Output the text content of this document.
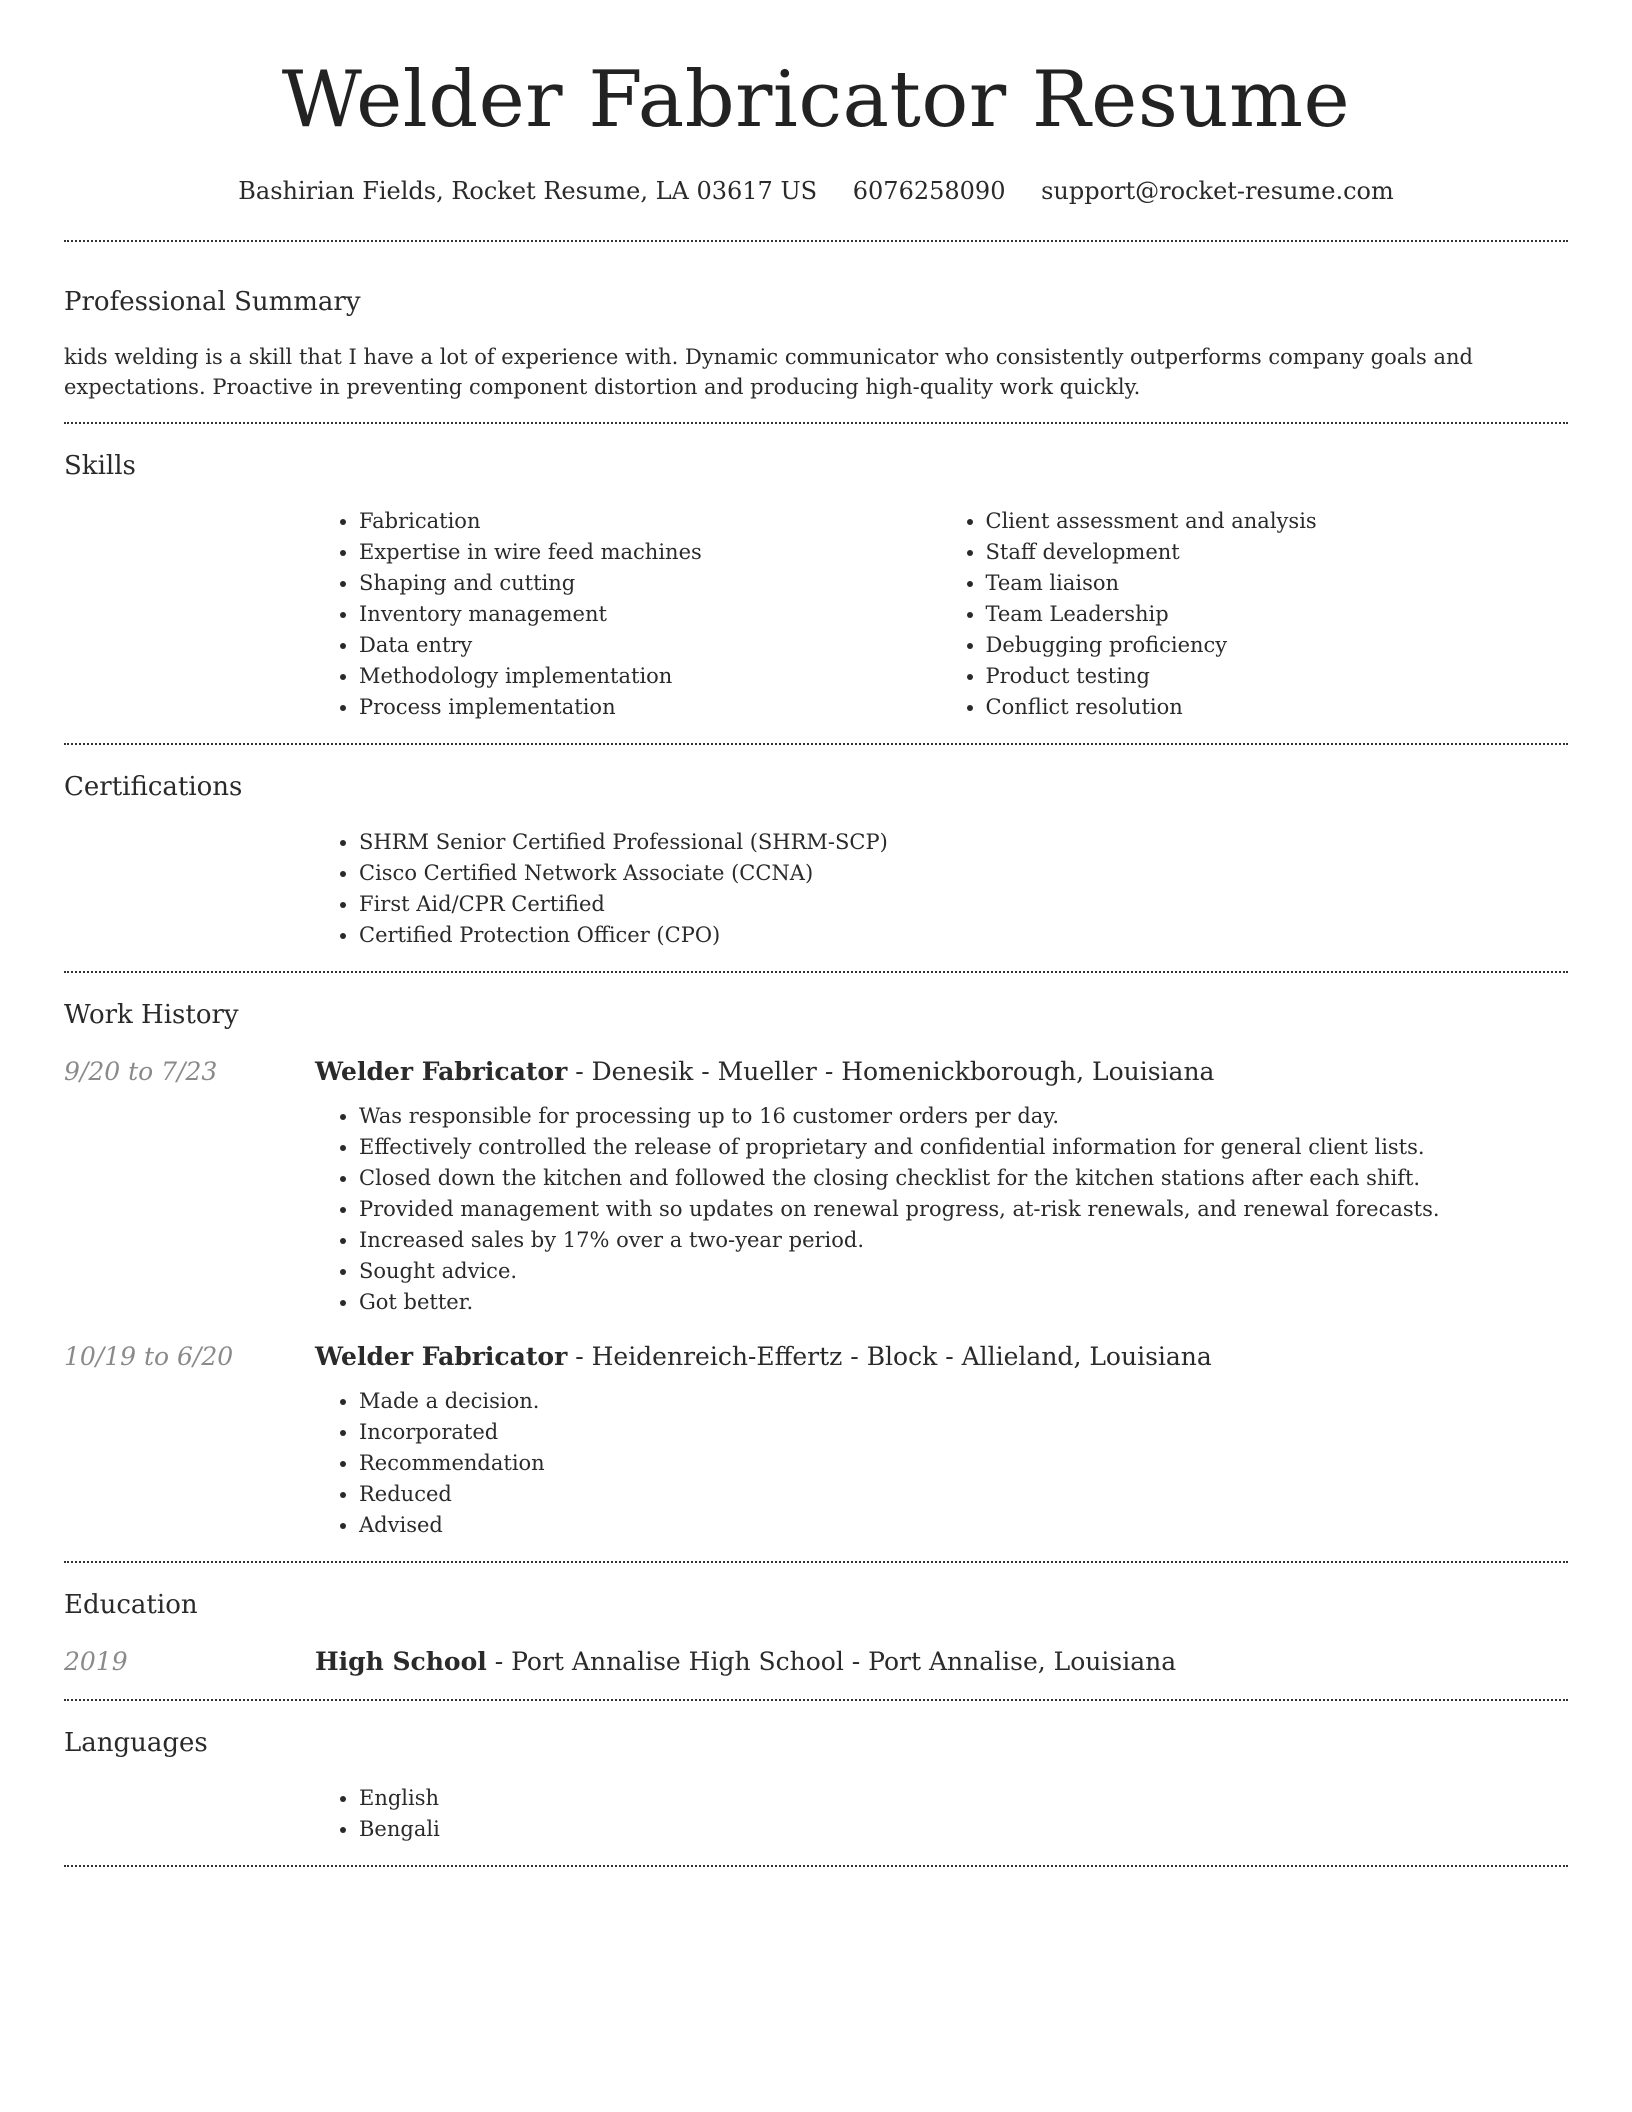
Welder Fabricator Resume
Bashirian Fields, Rocket Resume, LA 03617 US 6076258090 support@rocket-resume.com
Professional Summary

kids welding is a skill that I have a lot of experience with. Dynamic communicator who consistently outperforms company goals and expectations. Proactive in preventing component distortion and producing high-quality work quickly.

Skills
• Fabrication
• Expertise in wire feed machines
• Shaping and cutting
• Inventory management
• Data entry
• Methodology implementation
• Process implementation
• Client assessment and analysis
• Staff development
• Team liaison
• Team Leadership
• Debugging proficiency
• Product testing
• Conflict resolution
Certifications
• SHRM Senior Certified Professional (SHRM-SCP)
• Cisco Certified Network Associate (CCNA)
• First Aid/CPR Certified
• Certified Protection Officer (CPO)
Work History
9/20 to 7/23	Welder Fabricator - Denesik - Mueller - Homenickborough, Louisiana
• Was responsible for processing up to 16 customer orders per day.
• Effectively controlled the release of proprietary and confidential information for general client lists.
• Closed down the kitchen and followed the closing checklist for the kitchen stations after each shift.
• Provided management with so updates on renewal progress, at-risk renewals, and renewal forecasts.
• Increased sales by 17% over a two-year period.
• Sought advice.
• Got better.
10/19 to 6/20	Welder Fabricator - Heidenreich-Effertz - Block - Allieland, Louisiana
• Made a decision.
• Incorporated
• Recommendation
• Reduced
• Advised
Education
2019	High School - Port Annalise High School - Port Annalise, Louisiana
Languages
• English
• Bengali
